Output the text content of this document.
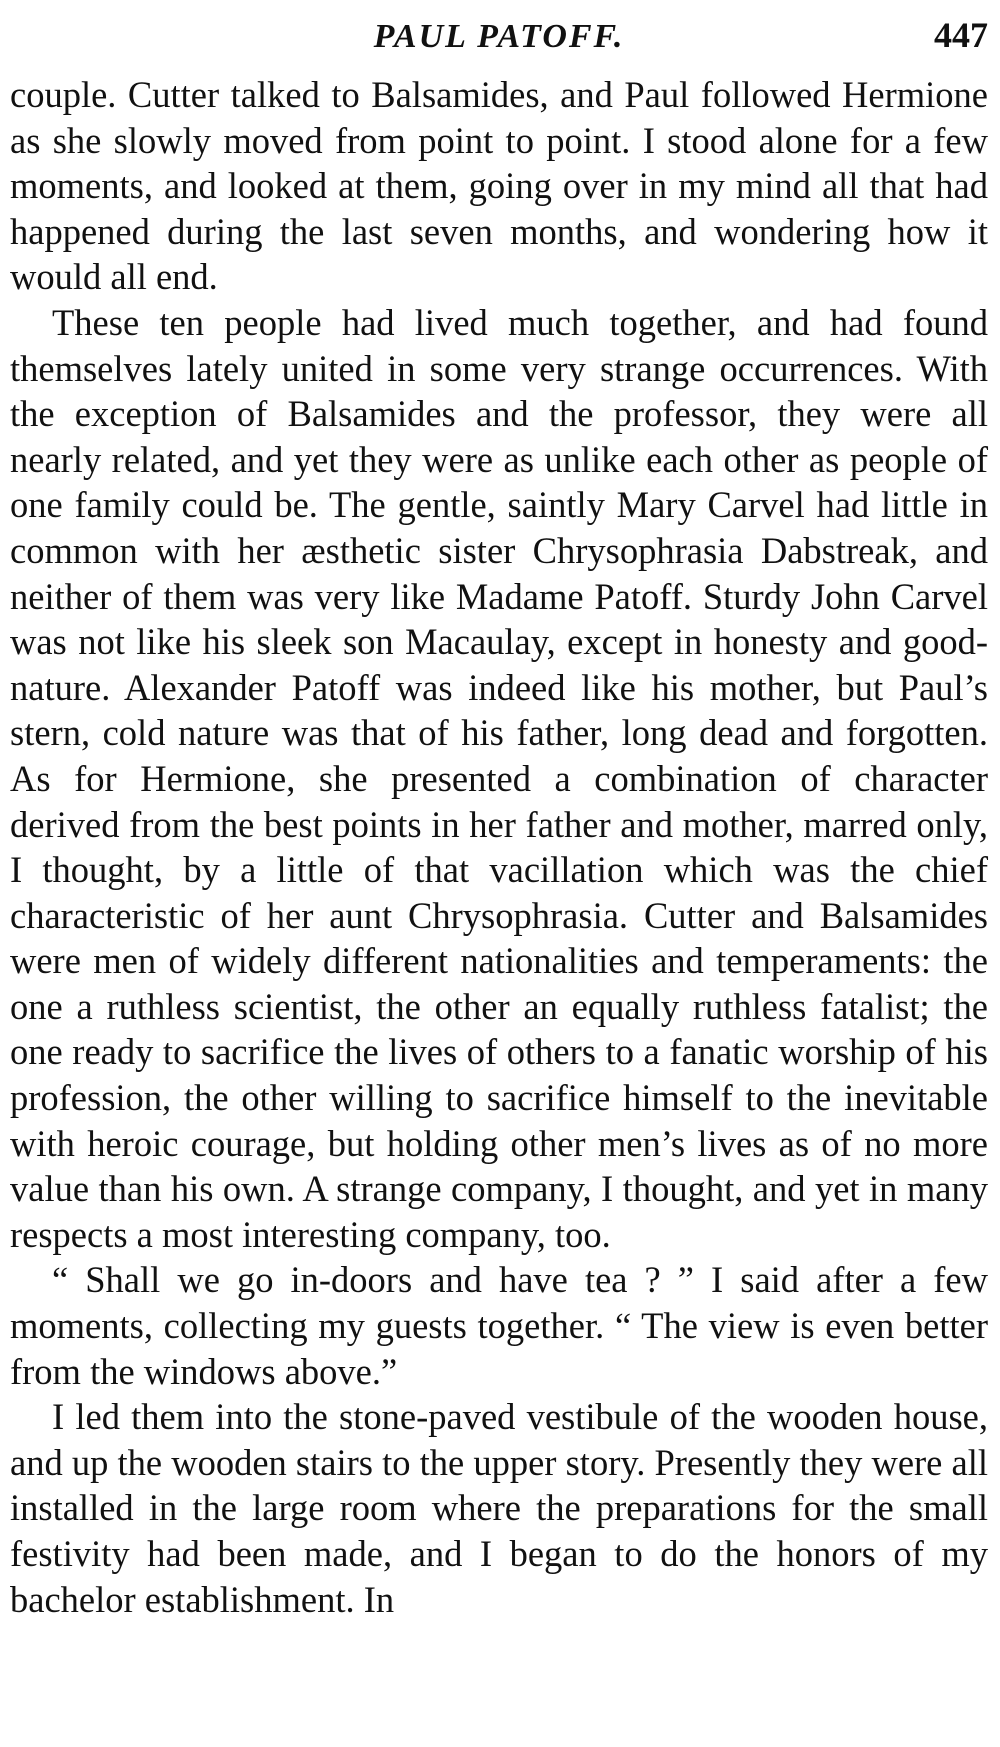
PAUL PATOFF.	447

couple. Cutter talked to Balsamides, and Paul followed Hermione as she slowly moved from point to point. I stood alone for a few moments, and looked at them, going over in my mind all that had happened during the last seven months, and wondering how it would all end.

These ten people had lived much together, and had found themselves lately united in some very strange occurrences. With the exception of Balsamides and the professor, they were all nearly related, and yet they were as unlike each other as people of one family could be. The gentle, saintly Mary Carvel had little in common with her æsthetic sister Chrysophrasia Dabstreak, and neither of them was very like Madame Patoff. Sturdy John Carvel was not like his sleek son Macaulay, except in honesty and good-nature. Alexander Patoff was indeed like his mother, but Paul’s stern, cold nature was that of his father, long dead and forgotten. As for Hermione, she presented a combination of character derived from the best points in her father and mother, marred only, I thought, by a little of that vacillation which was the chief characteristic of her aunt Chrysophrasia. Cutter and Balsamides were men of widely different nationalities and temperaments: the one a ruthless scientist, the other an equally ruthless fatalist; the one ready to sacrifice the lives of others to a fanatic worship of his profession, the other willing to sacrifice himself to the inevitable with heroic courage, but holding other men’s lives as of no more value than his own. A strange company, I thought, and yet in many respects a most interesting company, too.

“ Shall we go in-doors and have tea ? ” I said after a few moments, collecting my guests together. “ The view is even better from the windows above.”

I led them into the stone-paved vestibule of the wooden house, and up the wooden stairs to the upper story. Presently they were all installed in the large room where the preparations for the small festivity had been made, and I began to do the honors of my bachelor establishment. In
